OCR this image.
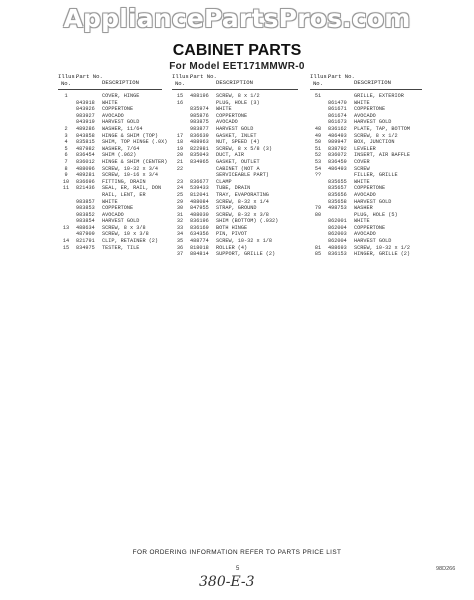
AppliancePartsPros.com
CABINET PARTS
For Model EET171MMWR-0
Illus. No.
Part No.
DESCRIPTION
1	COVER, HINGE
843918 WHITE
843926 COPPERTONE
983927 AVOCADO
843919 HARVEST GOLD
2	489286 WASHER, 11/64
3	843858 HINGE & SHIM (TOP)
4	835815 SHIM, TOP HINGE (.0X)
5	487982 WASHER, 7/64
6	836454 SHIM (.062)
7	836012 HINGE & SHIM (CENTER)
8	488096 SCREW, 10-32 x 3/4
9	489281 SCREW, 10-16 x 3/4
10	836696 FITTING, DRAIN
11	821436 SEAL, ER, RAIL, DON
RAIL, LENT, ER
983857 WHITE
983853 COPPERTONE
983852 AVOCADO
983854 HARVEST GOLD
13	488634 SCREW, 8 x 3/8
487909 SCREW, 10 x 3/8
14	821791 CLIP, RETAINER (2)
15	834975 TESTER, TILE
Illus. No.
Part No.
DESCRIPTION
15	488196 SCREW, 8 x 1/2
16	PLUG, HOLE (3)
835974 WHITE
985876 COPPERTONE
983875 AVOCADO
983877 HARVEST GOLD
17	836639 GASKET, INLET
18	488963 NUT, SPEED (4)
19	822981 SCREW, 8 x 5/8 (3)
20	835043 DUCT, AIR
21	834965 GASKET, OUTLET
22	CABINET (NOT A
SERVICEABLE PART)
23	836677 CLAMP
24	539433 TUBE, DRAIN
25	812041 TRAY, EVAPORATING
29	488084 SCREW, 8-32 x 1/4
30	847955 STRAP, GROUND
31	488030 SCREW, 8-32 x 3/8
32	836196 SHIM (BOTTOM) (.032)
33	836169 BOTH HINGE
34	634356 PIN, PIVOT
35	488774 SCREW, 10-32 x 1/8
36	818018 ROLLER (4)
37	884814 SUPPORT, GRILLE (2)
Illus. No.
Part No.
DESCRIPTION
51	GRILLE, EXTERIOR
861470 WHITE
861671 COPPERTONE
861674 AVOCADO
861673 HARVEST GOLD
48	836162 PLATE, TAP, BOTTOM
49	486493 SCREW, 8 x 1/2
50	989947 BOX, JUNCTION
51	838792 LEVELER
52	836072 INSERT, AIR BAFFLE
53	836459 COVER
54	486493 SCREW
??	FILLER, GRILLE
835655 WHITE
835657 COPPERTONE
835656 AVOCADO
835658 HARVEST GOLD
79	498753 WASHER
80	PLUG, HOLE (5)
862001 WHITE
862004 COPPERTONE
862003 AVOCADO
862004 HARVEST GOLD
81	488693 SCREW, 10-32 x 1/2
85	836153 HINGER, GRILLE (2)
FOR ORDERING INFORMATION REFER TO PARTS PRICE LIST
5	98D266
380-E-3
